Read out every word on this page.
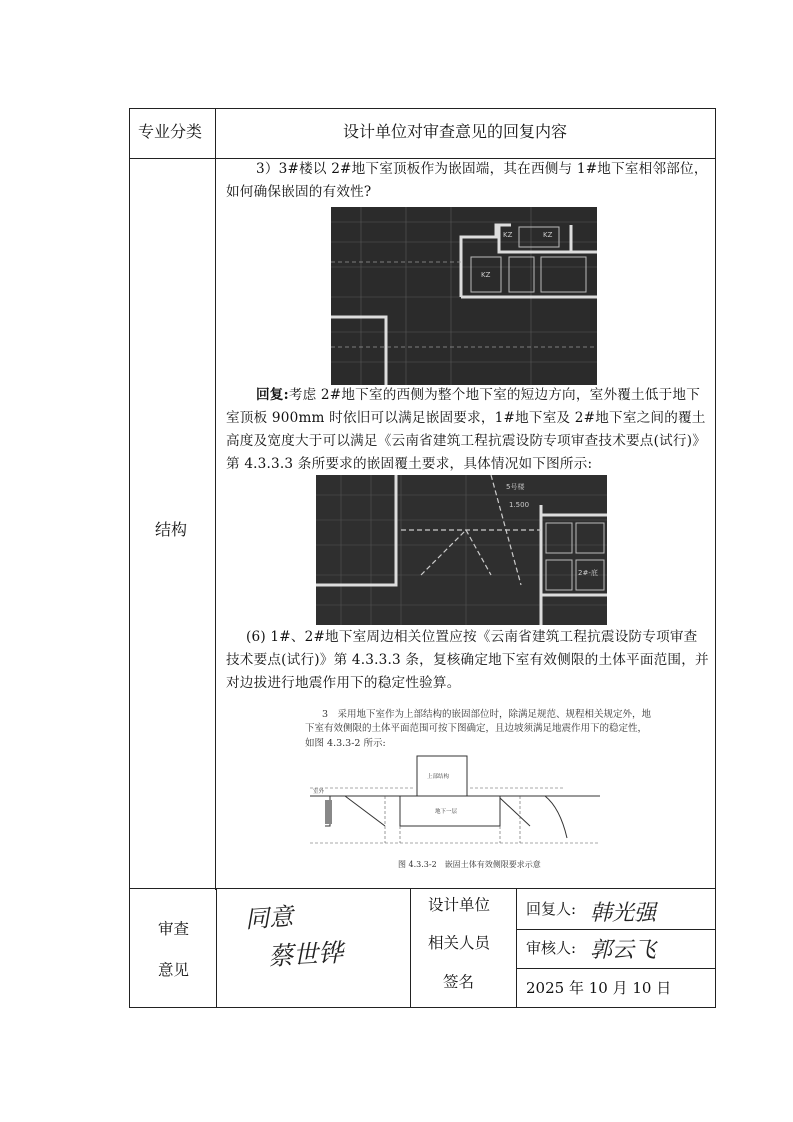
专业分类	设计单位对审查意见的回复内容
结构
3）3#楼以 2#地下室顶板作为嵌固端，其在西侧与 1#地下室相邻部位，如何确保嵌固的有效性?
KZ	KZ
KZ
回复:考虑 2#地下室的西侧为整个地下室的短边方向，室外覆土低于地下室顶板 900mm 时依旧可以满足嵌固要求，1#地下室及 2#地下室之间的覆土高度及宽度大于可以满足《云南省建筑工程抗震设防专项审查技术要点(试行)》第 4.3.3.3 条所要求的嵌固覆土要求，具体情况如下图所示:
5号楼
1.500
2#-底
(6) 1#、2#地下室周边相关位置应按《云南省建筑工程抗震设防专项审查技术要点(试行)》第 4.3.3.3 条，复核确定地下室有效侧限的土体平面范围，并对边拔进行地震作用下的稳定性验算。
3　采用地下室作为上部结构的嵌固部位时，除满足规范、规程相关规定外，地
下室有效侧限的土体平面范围可按下图确定，且边坡须满足地震作用下的稳定性，
如图 4.3.3-2 所示:
上部结构
地下一层
室外
图 4.3.3-2　嵌固土体有效侧限要求示意
审查
意见
同意
蔡世铧
设计单位
相关人员
签名
回复人: 韩光强
审核人: 郭云飞
2025 年 10 月 10 日
